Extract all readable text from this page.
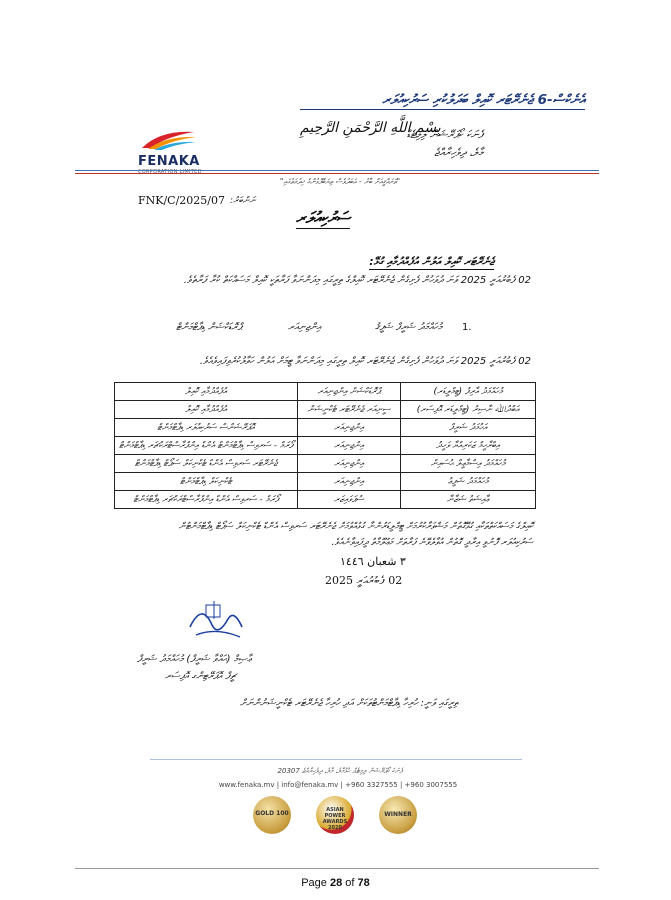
އެނެކްސް-6 ޖެނެރޭޓަރ ކޮއިލް ބަދަލުކުރި ސަރުކިއުލަރ
بِسْمِ اللَّهِ الرَّحْمَنِ الرَّحِيمِ
FENAKA
CORPORATION LIMITED
ފެނަކަ ކޯޕަރޭޝަން ލިމިޓެޑް
މާލެ، ދިވެހިރާއްޖެ
"ތަރައްޤީއަށް ބާރު - އަބަދުވެސް ތިޔަބޭފުޅުންގެ ޚިދުމަތުގައި"
FNK/C/2025/07 ނަންބަރު:
ސަރުކިއުލަރ
ޖެނެރޭޓަރ ކޮއިލް އަލުން އުފެއްދުމާއި ގުޅޭ:
02 ފެބުރުއަރީ 2025 ވަނަ ދުވަހުން ފެށިގެން ޖެނެރޭޓަރ ކޮއިލްގެ ތިރީގައި މިދަންނަވާ ފަރާތަކީ ކޮއިލް މަސައްކަތް ކުރާ ފަރާތެވެ.
1.
މުހައްމަދު ޝަރީފް ޝަފީޤު
އިންޖިނިއަރ
ޕްރޮޑަކްޝަން ޑިޕާޓްމަންޓް
02 ފެބުރުއަރީ 2025 ވަނަ ދުވަހުން ފެށިގެން ޖެނެރޭޓަރ ކޮއިލް ތިރީގައި މިދަންނަވާ ޓީމަށް އަލުން ހަވާލުކުރެވިފައިވެއެވެ.
މުހައްމަދު އާރިފު (ޓީމްލީޑަރ)	ޕްރޮޑަކްޝަން އިންޖިނިއަރ	އުފެއްދުމާއި ކޮއިލް
އަބްދުﷲ ނާޞިރު (ޓީމްލީޑަރ އޮފިސަރ)	ސީނިއަރ ޖެނެރޭޓަރ ޓެކްނީޝަން	އުފެއްދުމާއި ކޮއިލް
އަހުމަދު ޝަރީފް	އިންޖިނިއަރ	އޮޕަރޭޝަންސް ސަރުކިއުލަރ ޑިޕާޓްމަންޓް
އިބްރާހީމް ޒަކަރިއްޔާ ވަހީދު	އިންޖިނިއަރ	ފޯރަމް - ސަރވިސް ޑިޕާޓްމަންޓް އެންޑް އިންފްރާސްޓްރަކްޗަރ ޑިޕާޓްމަންޓް
މުހައްމަދު އިސްމާޢީލް ޙުސައިން	އިންޖިނިއަރ	ޖެނެރޭޓަރ ސަރވިސް އެންޑް ޓެކްނިކަލް ސަޕޯޓް ޑިޕާޓްމަންޓް
މުހައްމަދު ޝަފީޢު	އިންޖިނިއަރ	ޓެކްނިކަލް ޑިޕާޓްމަންޓް
ޢާއިޝަތު ޝަޒާނާ	ސުޕަވައިޒަރ	ފޯރަމް - ސަރވިސް އެންޑް އިންފްރާސްޓްރަކްޗަރ ޑިޕާޓްމަންޓް
ކޮއިލްގެ މަސައްކަތްތަކާއި ގުޅޭގޮތުން މަޝްވަރާކުރުމަށް ޓީމްލީޑަރުންނާ ގުޅުއްވުމަށް ޖެނެރޭޓަރ ސަރވިސް އެންޑް ޓެކްނިކަލް ސަޕޯޓް ޑިޕާޓްމަންޓުން
ސަރުކިއުލަރ ފޮނުވީ އިރާދީ ގޮތުން އުވާލެވޭނެ ފަރާތަށް މަޢުލޫމާތު ދީފައިވާނެއެވެ.
٣ شعبان ١٤٤٦
02 ފެބުރުއަރީ 2025
ޢާޞިމް (ޙައްވާ ޝަރީފް) މުހައްމަދު ޝަރީފް
ޗީފް އޮޕަރޭޓިންގ އޮފިސަރ
ތިރީގައި ވަނީ: ހުރިހާ ޑިޕާޓްމަންޓުތަކަށް އަދި ހުރިހާ ޖެނެރޭޓަރ ޓެކްނީޝަނުންނަށް
ފެނަކަ ކޯޕަރޭޝަން ލިމިޓެޑް، ހުޅުމާލެ، މާލެ، ދިވެހިރާއްޖެ 20307
www.fenaka.mv | info@fenaka.mv | +960 3327555 | +960 3007555
GOLD 100	ASIAN POWER AWARDS 2020
WINNER
Page 28 of 78
